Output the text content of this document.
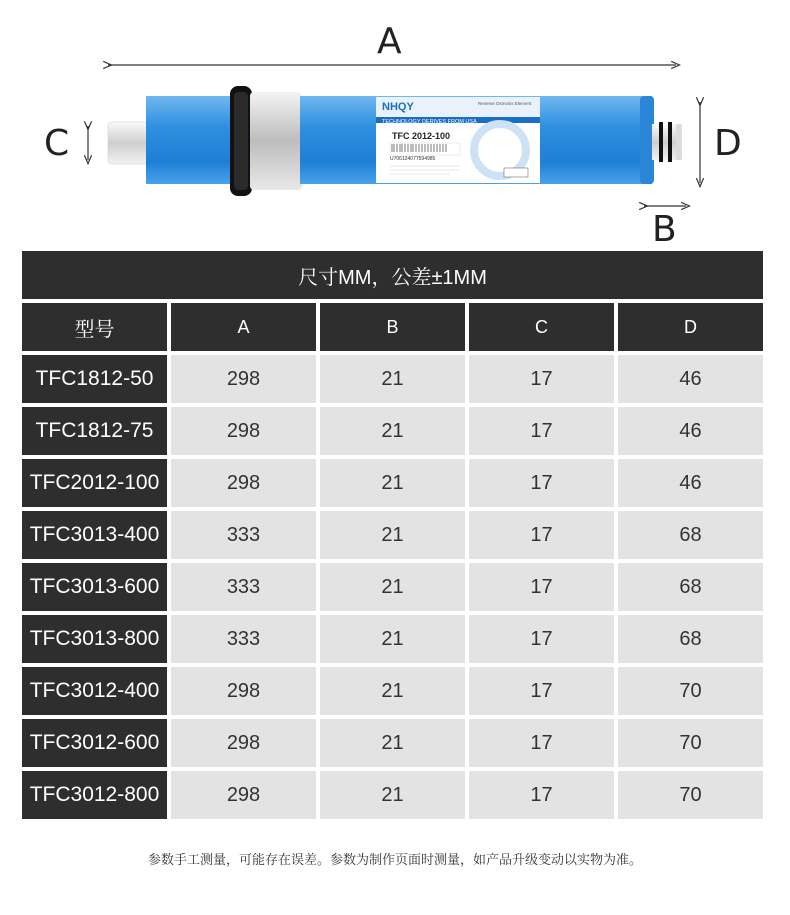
NHQY
TECHNOLOGY DERIVES FROM USA
Reverse Osmosis Element
TFC 2012-100
U706124077594985
A
C	D
B
尺寸MM，公差±1MM				
型号	A	B	C	D
TFC1812-50	298	21	17	46
TFC1812-75	298	21	17	46
TFC2012-100	298	21	17	46
TFC3013-400	333	21	17	68
TFC3013-600	333	21	17	68
TFC3013-800	333	21	17	68
TFC3012-400	298	21	17	70
TFC3012-600	298	21	17	70
TFC3012-800	298	21	17	70
参数手工测量，可能存在误差。参数为制作页面时测量，如产品升级变动以实物为准。
